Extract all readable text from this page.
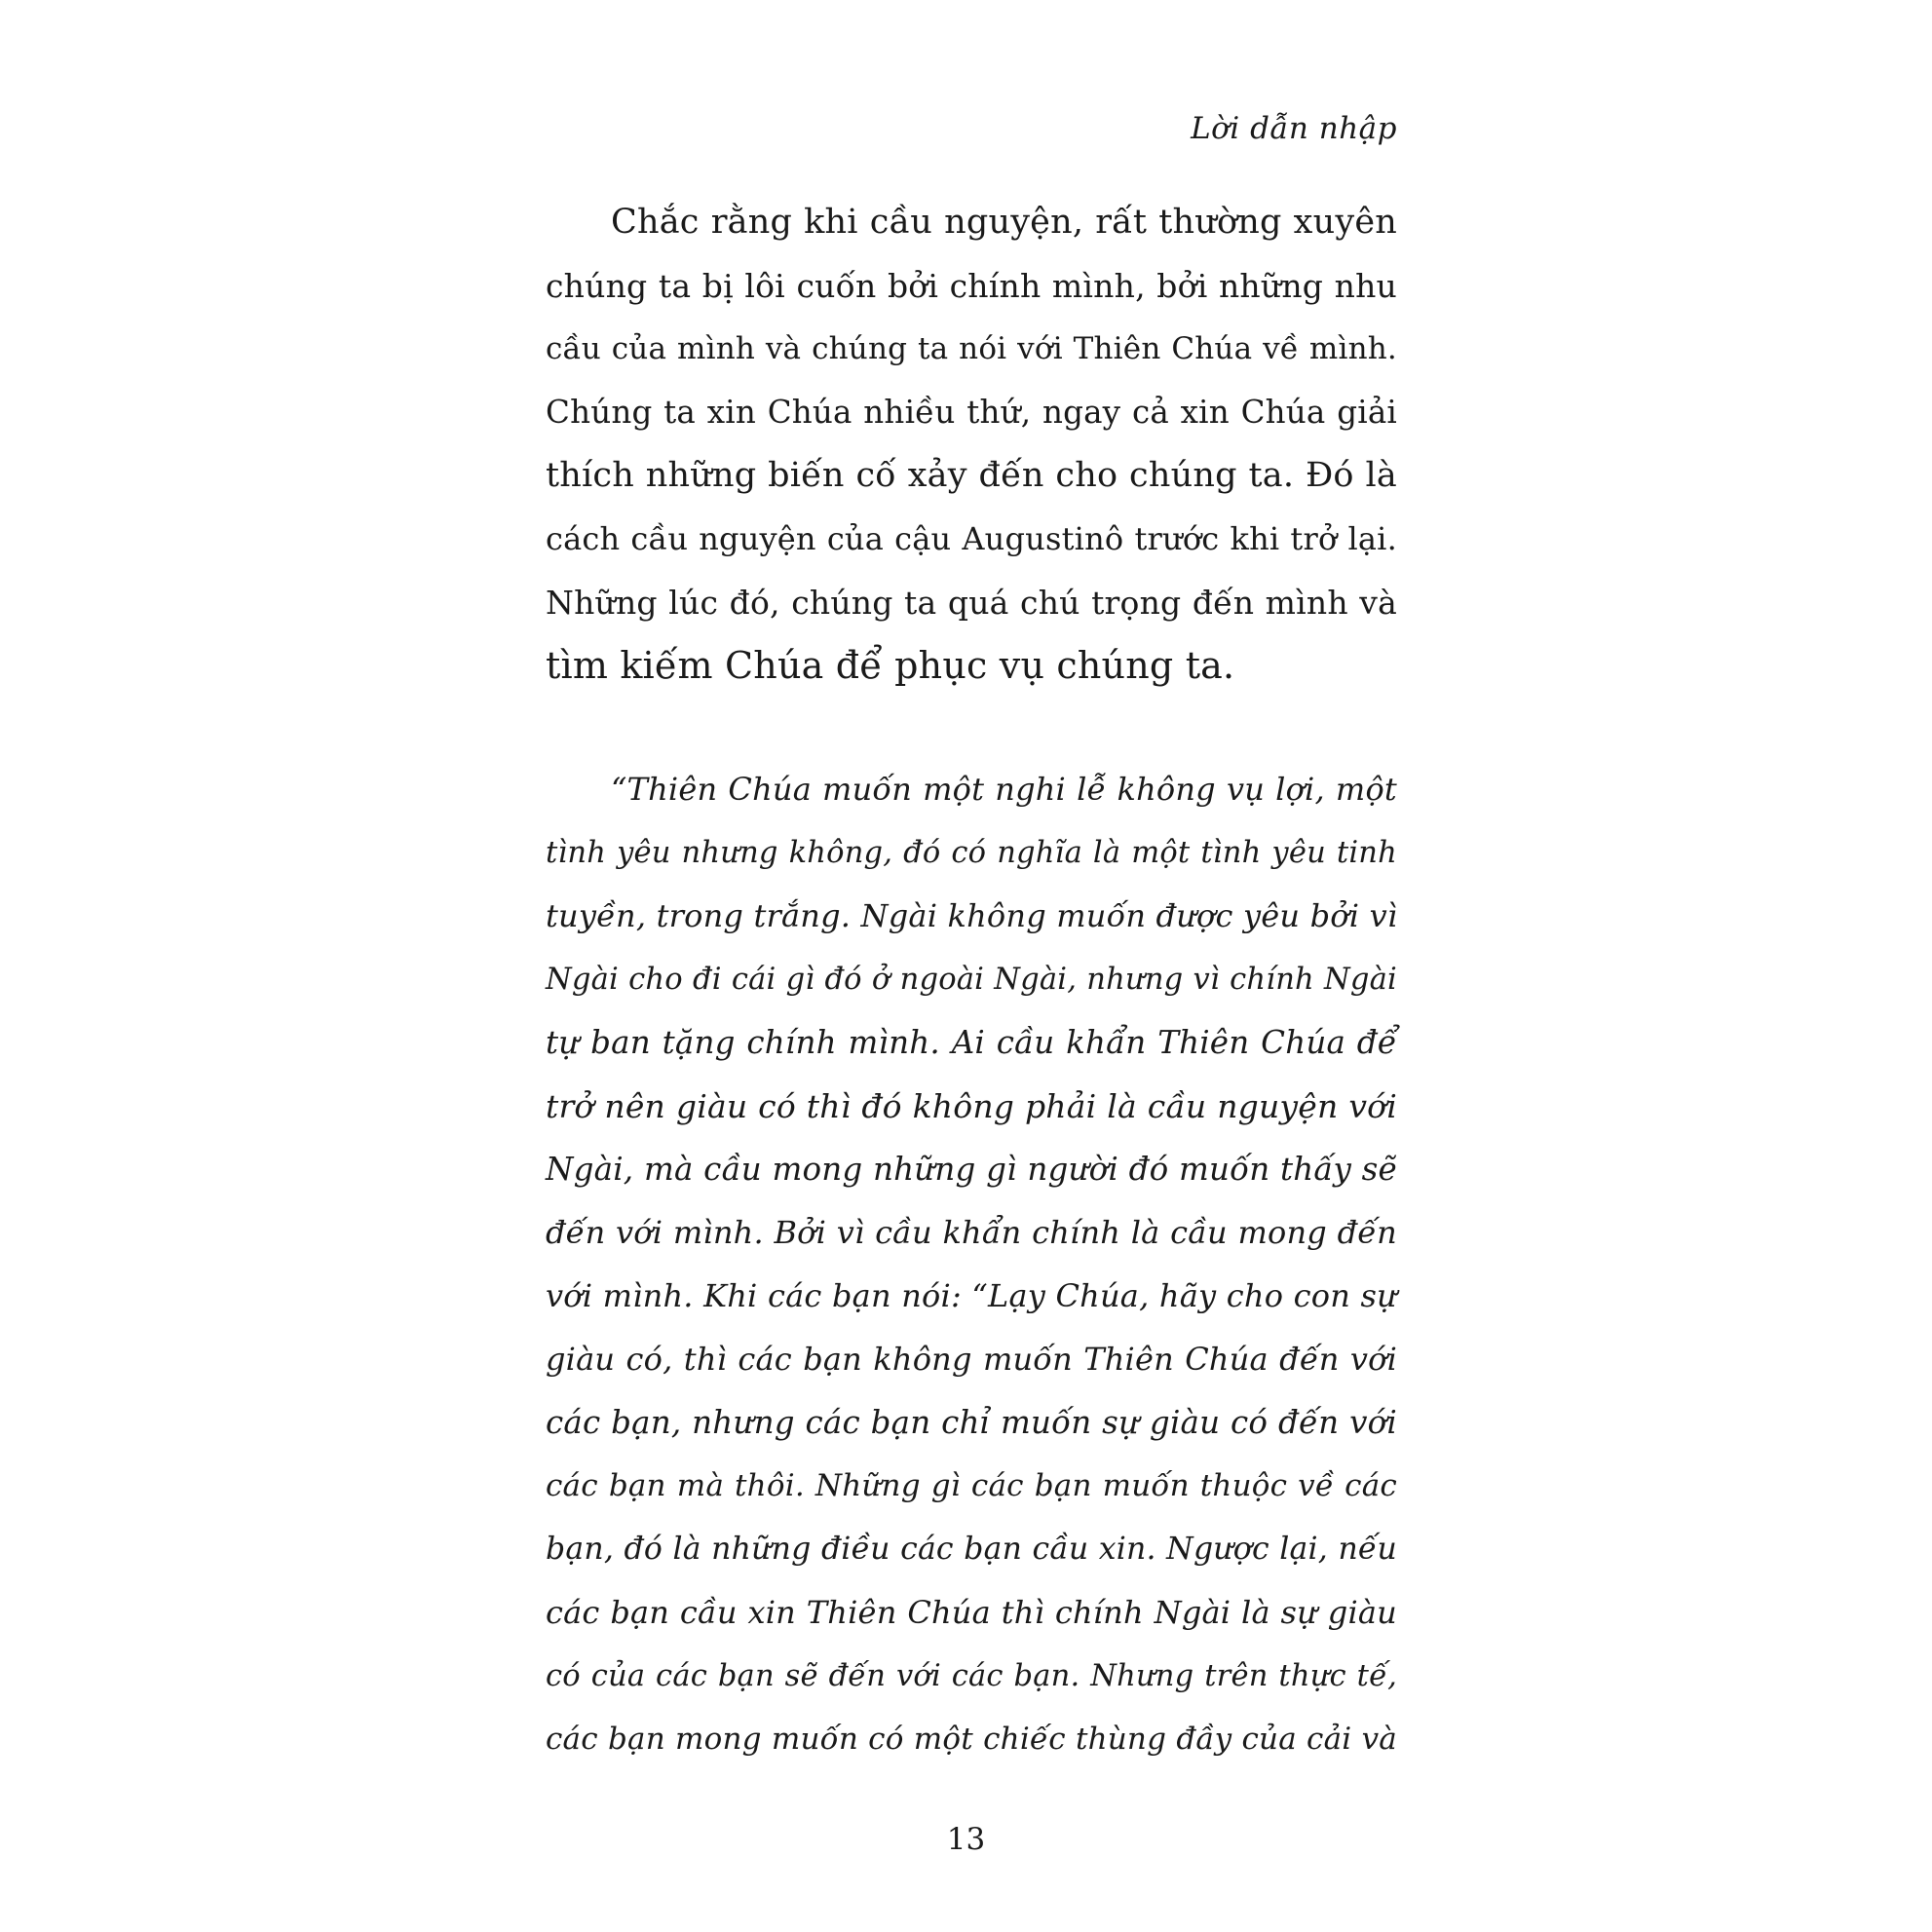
Lời dẫn nhập
Chắc rằng khi cầu nguyện, rất thường xuyên
chúng ta bị lôi cuốn bởi chính mình, bởi những nhu
cầu của mình và chúng ta nói với Thiên Chúa về mình.
Chúng ta xin Chúa nhiều thứ, ngay cả xin Chúa giải
thích những biến cố xảy đến cho chúng ta. Đó là
cách cầu nguyện của cậu Augustinô trước khi trở lại.
Những lúc đó, chúng ta quá chú trọng đến mình và
tìm kiếm Chúa để phục vụ chúng ta.
“Thiên Chúa muốn một nghi lễ không vụ lợi, một
tình yêu nhưng không, đó có nghĩa là một tình yêu tinh
tuyền, trong trắng. Ngài không muốn được yêu bởi vì
Ngài cho đi cái gì đó ở ngoài Ngài, nhưng vì chính Ngài
tự ban tặng chính mình. Ai cầu khẩn Thiên Chúa để
trở nên giàu có thì đó không phải là cầu nguyện với
Ngài, mà cầu mong những gì người đó muốn thấy sẽ
đến với mình. Bởi vì cầu khẩn chính là cầu mong đến
với mình. Khi các bạn nói: “Lạy Chúa, hãy cho con sự
giàu có, thì các bạn không muốn Thiên Chúa đến với
các bạn, nhưng các bạn chỉ muốn sự giàu có đến với
các bạn mà thôi. Những gì các bạn muốn thuộc về các
bạn, đó là những điều các bạn cầu xin. Ngược lại, nếu
các bạn cầu xin Thiên Chúa thì chính Ngài là sự giàu
có của các bạn sẽ đến với các bạn. Nhưng trên thực tế,
các bạn mong muốn có một chiếc thùng đầy của cải và
13
